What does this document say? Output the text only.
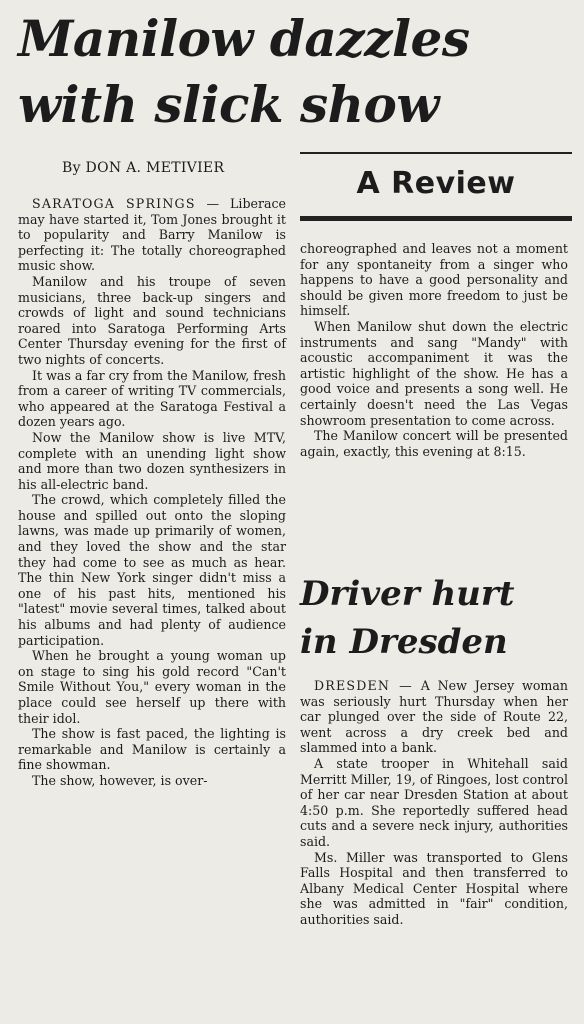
Manilow dazzles
with slick show
By DON A. METIVIER	A Review

SARATOGA SPRINGS — Liberace may have started it, Tom Jones brought it to popularity and Barry Manilow is perfecting it: The totally choreographed music show.

Manilow and his troupe of seven musicians, three back-up singers and crowds of light and sound technicians roared into Saratoga Performing Arts Center Thursday evening for the first of two nights of concerts.

It was a far cry from the Manilow, fresh from a career of writing TV commercials, who appeared at the Saratoga Festival a dozen years ago.

Now the Manilow show is live MTV, complete with an unending light show and more than two dozen synthesizers in his all-electric band.

The crowd, which completely filled the house and spilled out onto the sloping lawns, was made up primarily of women, and they loved the show and the star they had come to see as much as hear. The thin New York singer didn't miss a one of his past hits, mentioned his "latest" movie several times, talked about his albums and had plenty of audience participation.

When he brought a young woman up on stage to sing his gold record "Can't Smile Without You," every woman in the place could see herself up there with their idol.

The show is fast paced, the lighting is remarkable and Manilow is certainly a fine showman.

The show, however, is over-

choreographed and leaves not a moment for any spontaneity from a singer who happens to have a good personality and should be given more freedom to just be himself.

When Manilow shut down the electric instruments and sang "Mandy" with acoustic accompaniment it was the artistic highlight of the show. He has a good voice and presents a song well. He certainly doesn't need the Las Vegas showroom presentation to come across.

The Manilow concert will be presented again, exactly, this evening at 8:15.

Driver hurt
in Dresden

DRESDEN — A New Jersey woman was seriously hurt Thursday when her car plunged over the side of Route 22, went across a dry creek bed and slammed into a bank.

A state trooper in Whitehall said Merritt Miller, 19, of Ringoes, lost control of her car near Dresden Station at about 4:50 p.m. She reportedly suffered head cuts and a severe neck injury, authorities said.

Ms. Miller was transported to Glens Falls Hospital and then transferred to Albany Medical Center Hospital where she was admitted in "fair" condition, authorities said.
